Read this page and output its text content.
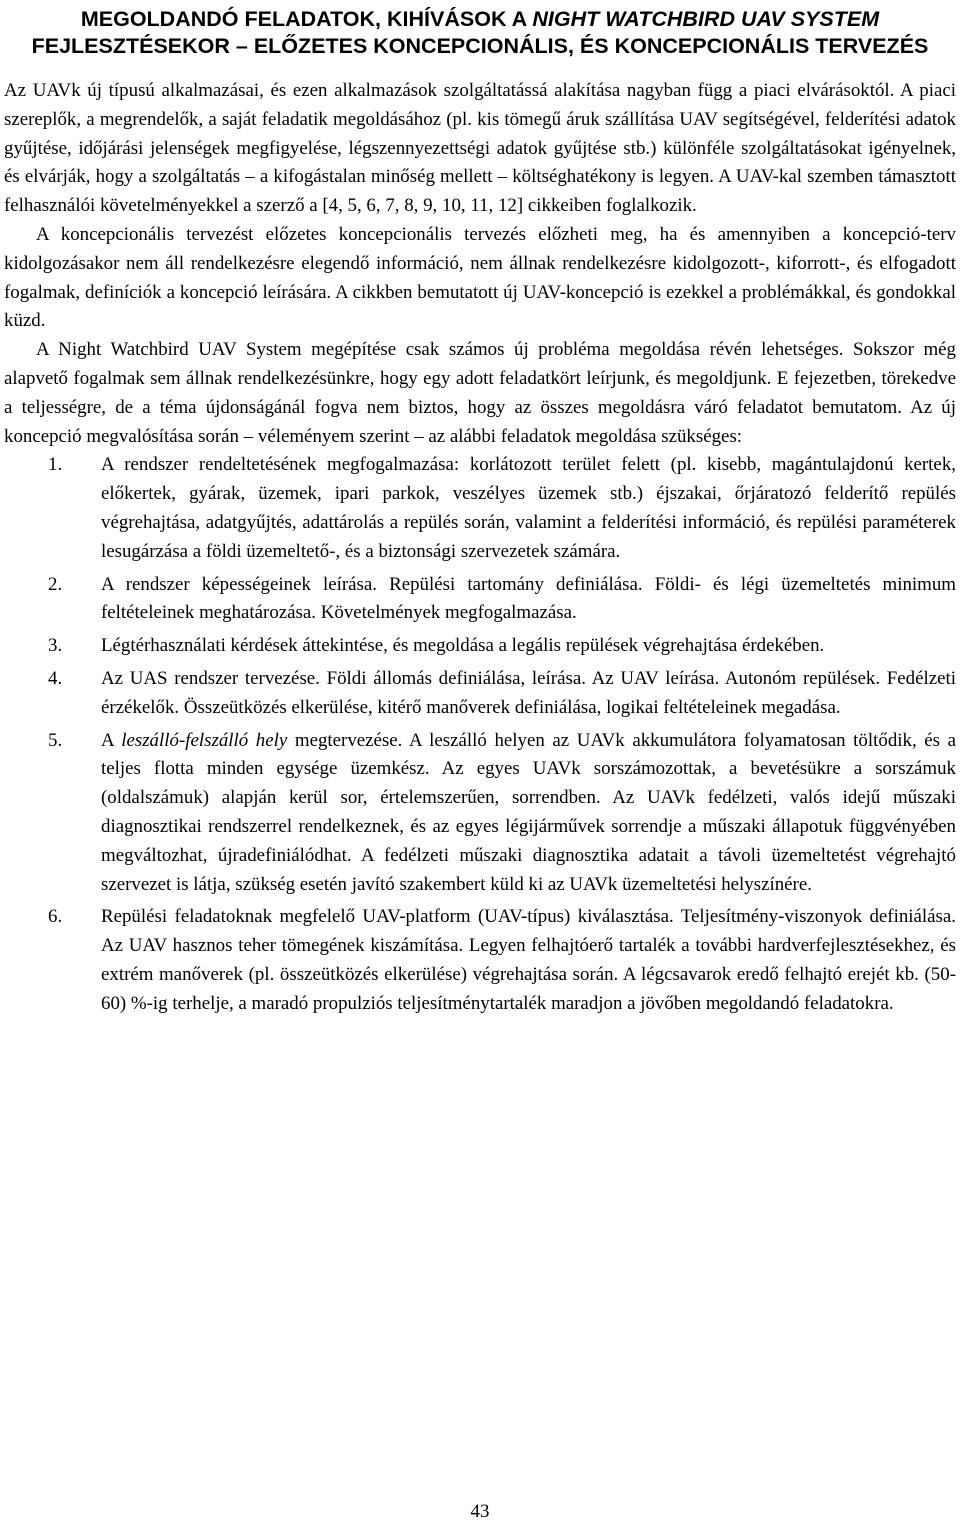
MEGOLDANDÓ FELADATOK, KIHÍVÁSOK A NIGHT WATCHBIRD UAV SYSTEM FEJLESZTÉSEKOR – ELŐZETES KONCEPCIONÁLIS, ÉS KONCEPCIONÁLIS TERVEZÉS

Az UAVk új típusú alkalmazásai, és ezen alkalmazások szolgáltatássá alakítása nagyban függ a piaci elvárásoktól. A piaci szereplők, a megrendelők, a saját feladatik megoldásához (pl. kis tömegű áruk szállítása UAV segítségével, felderítési adatok gyűjtése, időjárási jelenségek megfigyelése, légszennyezettségi adatok gyűjtése stb.) különféle szolgáltatásokat igényelnek, és elvárják, hogy a szolgáltatás – a kifogástalan minőség mellett – költséghatékony is legyen. A UAV-kal szemben támasztott felhasználói követelményekkel a szerző a [4, 5, 6, 7, 8, 9, 10, 11, 12] cikkeiben foglalkozik.

A koncepcionális tervezést előzetes koncepcionális tervezés előzheti meg, ha és amennyiben a koncepció-terv kidolgozásakor nem áll rendelkezésre elegendő információ, nem állnak rendelkezésre kidolgozott-, kiforrott-, és elfogadott fogalmak, definíciók a koncepció leírására. A cikkben bemutatott új UAV-koncepció is ezekkel a problémákkal, és gondokkal küzd.

A Night Watchbird UAV System megépítése csak számos új probléma megoldása révén lehetséges. Sokszor még alapvető fogalmak sem állnak rendelkezésünkre, hogy egy adott feladatkört leírjunk, és megoldjunk. E fejezetben, törekedve a teljességre, de a téma újdonságánál fogva nem biztos, hogy az összes megoldásra váró feladatot bemutatom. Az új koncepció megvalósítása során – véleményem szerint – az alábbi feladatok megoldása szükséges:

1. A rendszer rendeltetésének megfogalmazása: korlátozott terület felett (pl. kisebb, magántulajdonú kertek, előkertek, gyárak, üzemek, ipari parkok, veszélyes üzemek stb.) éjszakai, őrjáratozó felderítő repülés végrehajtása, adatgyűjtés, adattárolás a repülés során, valamint a felderítési információ, és repülési paraméterek lesugárzása a földi üzemeltető-, és a biztonsági szervezetek számára.
2. A rendszer képességeinek leírása. Repülési tartomány definiálása. Földi- és légi üzemeltetés minimum feltételeinek meghatározása. Követelmények megfogalmazása.
3. Légtérhasználati kérdések áttekintése, és megoldása a legális repülések végrehajtása érdekében.
4. Az UAS rendszer tervezése. Földi állomás definiálása, leírása. Az UAV leírása. Autonóm repülések. Fedélzeti érzékelők. Összeütközés elkerülése, kitérő manőverek definiálása, logikai feltételeinek megadása.
5. A leszálló-felszálló hely megtervezése. A leszálló helyen az UAVk akkumulátora folyamatosan töltődik, és a teljes flotta minden egysége üzemkész. Az egyes UAVk sorszámozottak, a bevetésükre a sorszámuk (oldalszámuk) alapján kerül sor, értelemszerűen, sorrendben. Az UAVk fedélzeti, valós idejű műszaki diagnosztikai rendszerrel rendelkeznek, és az egyes légijárművek sorrendje a műszaki állapotuk függvényében megváltozhat, újradefiniálódhat. A fedélzeti műszaki diagnosztika adatait a távoli üzemeltetést végrehajtó szervezet is látja, szükség esetén javító szakembert küld ki az UAVk üzemeltetési helyszínére.
6. Repülési feladatoknak megfelelő UAV-platform (UAV-típus) kiválasztása. Teljesítmény-viszonyok definiálása. Az UAV hasznos teher tömegének kiszámítása. Legyen felhajtóerő tartalék a további hardverfejlesztésekhez, és extrém manőverek (pl. összeütközés elkerülése) végrehajtása során. A légcsavarok eredő felhajtó erejét kb. (50-60) %-ig terhelje, a maradó propulziós teljesítménytartalék maradjon a jövőben megoldandó feladatokra.
43
